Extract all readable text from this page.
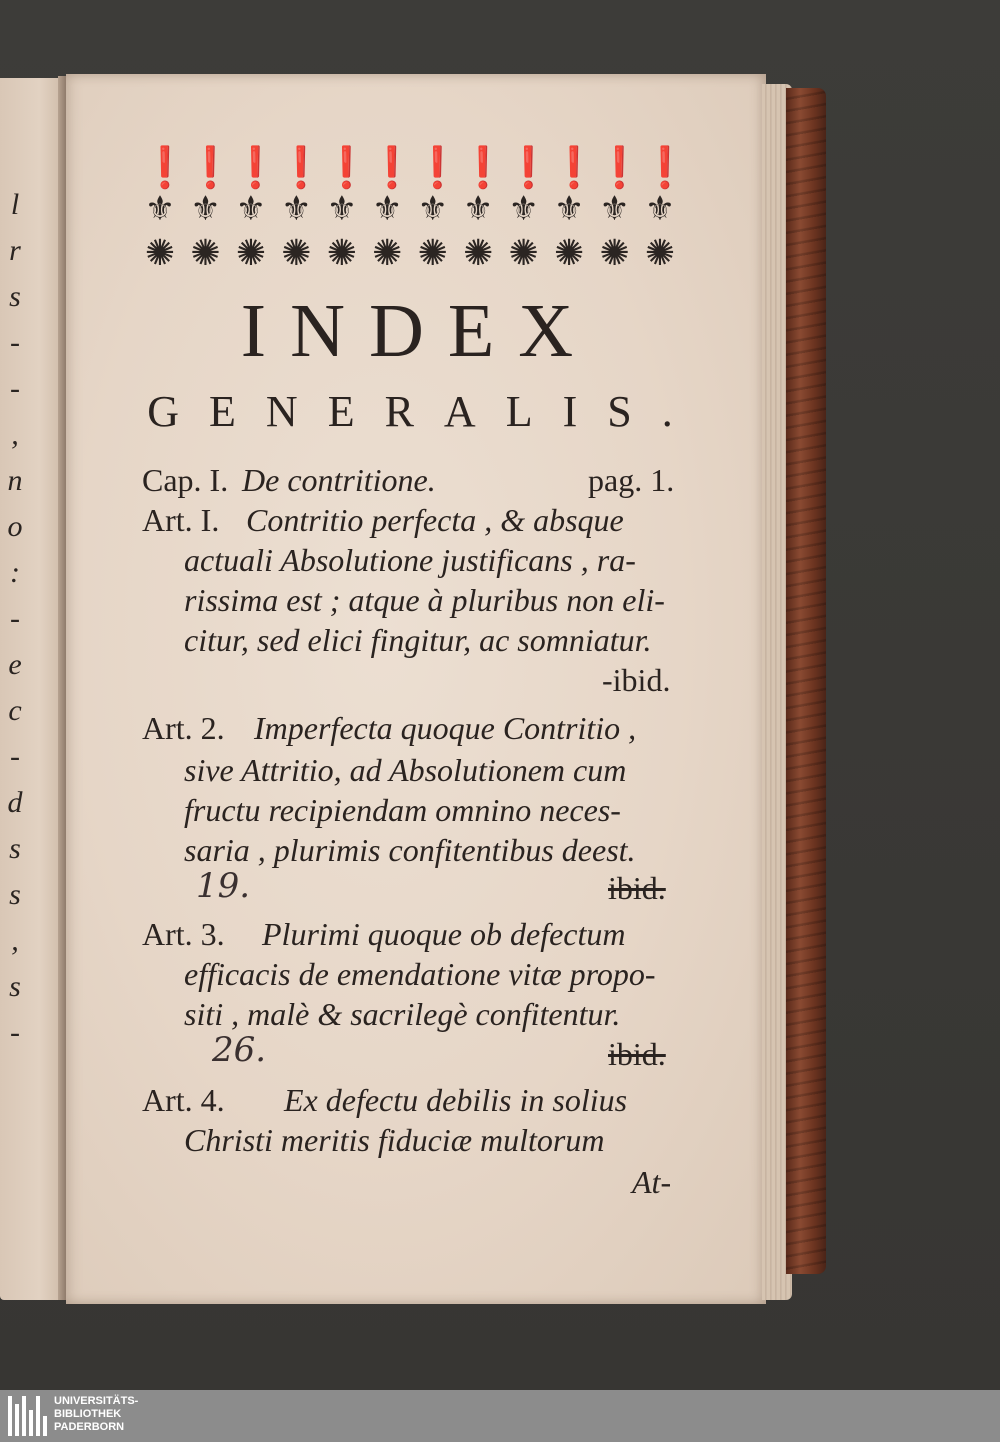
l
r
s
-
-
,
n
o
:
-
e
c
-
d
s
s
,
s
-
❗
❗
❗
❗
❗
❗
❗
❗
❗
❗
❗
❗
⚜ ⚜ ⚜ ⚜ ⚜ ⚜ ⚜ ⚜ ⚜ ⚜ ⚜ ⚜
✺ ✺ ✺ ✺ ✺ ✺ ✺ ✺ ✺ ✺ ✺ ✺
INDEX
GENERALIS.
Cap. I. De contritione.	pag. 1.
Art. I. Contritio perfecta , & absque
actuali Absolutione justificans , ra-
rissima est ; atque à pluribus non eli-
citur, sed elici fingitur, ac somniatur.
-ibid.
Art. 2. Imperfecta quoque Contritio ,
sive Attritio, ad Absolutionem cum
fructu recipiendam omnino neces-
saria , plurimis confitentibus deest.
19.	ibid.
Art. 3. Plurimi quoque ob defectum
efficacis de emendatione vitæ propo-
siti , malè & sacrilegè confitentur.
26.	ibid.
Art. 4. Ex defectu debilis in solius
Christi meritis fiduciæ multorum
At-
UNIVERSITÄTS-
BIBLIOTHEK
PADERBORN
